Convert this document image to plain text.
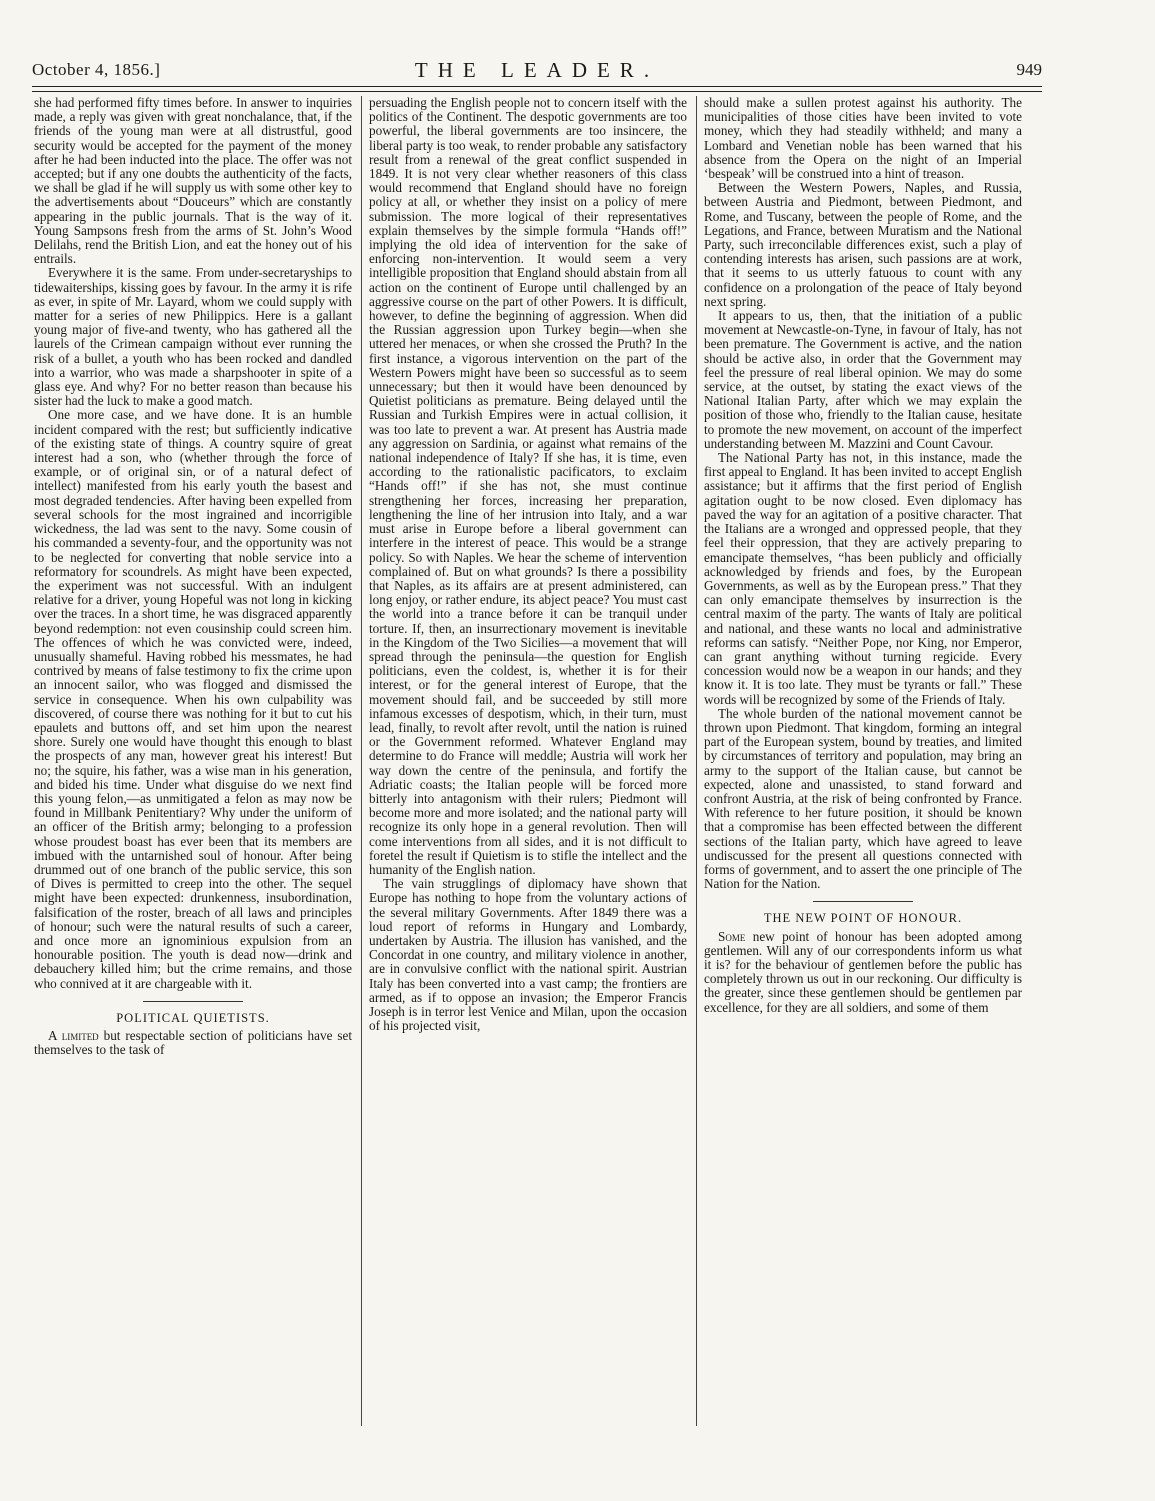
October 4, 1856.]	THE LEADER.	949

she had performed fifty times before. In answer to inquiries made, a reply was given with great nonchalance, that, if the friends of the young man were at all distrustful, good security would be accepted for the payment of the money after he had been inducted into the place. The offer was not accepted; but if any one doubts the authenticity of the facts, we shall be glad if he will supply us with some other key to the advertisements about “Douceurs” which are constantly appearing in the public journals. That is the way of it. Young Sampsons fresh from the arms of St. John’s Wood Delilahs, rend the British Lion, and eat the honey out of his entrails.

Everywhere it is the same. From under-secretaryships to tidewaiterships, kissing goes by favour. In the army it is rife as ever, in spite of Mr. Layard, whom we could supply with matter for a series of new Philippics. Here is a gallant young major of five-and twenty, who has gathered all the laurels of the Crimean campaign without ever running the risk of a bullet, a youth who has been rocked and dandled into a warrior, who was made a sharpshooter in spite of a glass eye. And why? For no better reason than because his sister had the luck to make a good match.

One more case, and we have done. It is an humble incident compared with the rest; but sufficiently indicative of the existing state of things. A country squire of great interest had a son, who (whether through the force of example, or of original sin, or of a natural defect of intellect) manifested from his early youth the basest and most degraded tendencies. After having been expelled from several schools for the most ingrained and incorrigible wickedness, the lad was sent to the navy. Some cousin of his commanded a seventy-four, and the opportunity was not to be neglected for converting that noble service into a reformatory for scoundrels. As might have been expected, the experiment was not successful. With an indulgent relative for a driver, young Hopeful was not long in kicking over the traces. In a short time, he was disgraced apparently beyond redemption: not even cousinship could screen him. The offences of which he was convicted were, indeed, unusually shameful. Having robbed his messmates, he had contrived by means of false testimony to fix the crime upon an innocent sailor, who was flogged and dismissed the service in consequence. When his own culpability was discovered, of course there was nothing for it but to cut his epaulets and buttons off, and set him upon the nearest shore. Surely one would have thought this enough to blast the prospects of any man, however great his interest! But no; the squire, his father, was a wise man in his generation, and bided his time. Under what disguise do we next find this young felon,—as unmitigated a felon as may now be found in Millbank Penitentiary? Why under the uniform of an officer of the British army; belonging to a profession whose proudest boast has ever been that its members are imbued with the untarnished soul of honour. After being drummed out of one branch of the public service, this son of Dives is permitted to creep into the other. The sequel might have been expected: drunkenness, insubordination, falsification of the roster, breach of all laws and principles of honour; such were the natural results of such a career, and once more an ignominious expulsion from an honourable position. The youth is dead now—drink and debauchery killed him; but the crime remains, and those who connived at it are chargeable with it.

POLITICAL QUIETISTS.

A limited but respectable section of politicians have set themselves to the task of

persuading the English people not to concern itself with the politics of the Continent. The despotic governments are too powerful, the liberal governments are too insincere, the liberal party is too weak, to render probable any satisfactory result from a renewal of the great conflict suspended in 1849. It is not very clear whether reasoners of this class would recommend that England should have no foreign policy at all, or whether they insist on a policy of mere submission. The more logical of their representatives explain themselves by the simple formula “Hands off!” implying the old idea of intervention for the sake of enforcing non-intervention. It would seem a very intelligible proposition that England should abstain from all action on the continent of Europe until challenged by an aggressive course on the part of other Powers. It is difficult, however, to define the beginning of aggression. When did the Russian aggression upon Turkey begin—when she uttered her menaces, or when she crossed the Pruth? In the first instance, a vigorous intervention on the part of the Western Powers might have been so successful as to seem unnecessary; but then it would have been denounced by Quietist politicians as premature. Being delayed until the Russian and Turkish Empires were in actual collision, it was too late to prevent a war. At present has Austria made any aggression on Sardinia, or against what remains of the national independence of Italy? If she has, it is time, even according to the rationalistic pacificators, to exclaim “Hands off!” if she has not, she must continue strengthening her forces, increasing her preparation, lengthening the line of her intrusion into Italy, and a war must arise in Europe before a liberal government can interfere in the interest of peace. This would be a strange policy. So with Naples. We hear the scheme of intervention complained of. But on what grounds? Is there a possibility that Naples, as its affairs are at present administered, can long enjoy, or rather endure, its abject peace? You must cast the world into a trance before it can be tranquil under torture. If, then, an insurrectionary movement is inevitable in the Kingdom of the Two Sicilies—a movement that will spread through the peninsula—the question for English politicians, even the coldest, is, whether it is for their interest, or for the general interest of Europe, that the movement should fail, and be succeeded by still more infamous excesses of despotism, which, in their turn, must lead, finally, to revolt after revolt, until the nation is ruined or the Government reformed. Whatever England may determine to do France will meddle; Austria will work her way down the centre of the peninsula, and fortify the Adriatic coasts; the Italian people will be forced more bitterly into antagonism with their rulers; Piedmont will become more and more isolated; and the national party will recognize its only hope in a general revolution. Then will come interventions from all sides, and it is not difficult to foretel the result if Quietism is to stifle the intellect and the humanity of the English nation.

The vain strugglings of diplomacy have shown that Europe has nothing to hope from the voluntary actions of the several military Governments. After 1849 there was a loud report of reforms in Hungary and Lombardy, undertaken by Austria. The illusion has vanished, and the Concordat in one country, and military violence in another, are in convulsive conflict with the national spirit. Austrian Italy has been converted into a vast camp; the frontiers are armed, as if to oppose an invasion; the Emperor Francis Joseph is in terror lest Venice and Milan, upon the occasion of his projected visit,

should make a sullen protest against his authority. The municipalities of those cities have been invited to vote money, which they had steadily withheld; and many a Lombard and Venetian noble has been warned that his absence from the Opera on the night of an Imperial ‘bespeak’ will be construed into a hint of treason.

Between the Western Powers, Naples, and Russia, between Austria and Piedmont, between Piedmont, and Rome, and Tuscany, between the people of Rome, and the Legations, and France, between Muratism and the National Party, such irreconcilable differences exist, such a play of contending interests has arisen, such passions are at work, that it seems to us utterly fatuous to count with any confidence on a prolongation of the peace of Italy beyond next spring.

It appears to us, then, that the initiation of a public movement at Newcastle-on-Tyne, in favour of Italy, has not been premature. The Government is active, and the nation should be active also, in order that the Government may feel the pressure of real liberal opinion. We may do some service, at the outset, by stating the exact views of the National Italian Party, after which we may explain the position of those who, friendly to the Italian cause, hesitate to promote the new movement, on account of the imperfect understanding between M. Mazzini and Count Cavour.

The National Party has not, in this instance, made the first appeal to England. It has been invited to accept English assistance; but it affirms that the first period of English agitation ought to be now closed. Even diplomacy has paved the way for an agitation of a positive character. That the Italians are a wronged and oppressed people, that they feel their oppression, that they are actively preparing to emancipate themselves, “has been publicly and officially acknowledged by friends and foes, by the European Governments, as well as by the European press.” That they can only emancipate themselves by insurrection is the central maxim of the party. The wants of Italy are political and national, and these wants no local and administrative reforms can satisfy. “Neither Pope, nor King, nor Emperor, can grant anything without turning regicide. Every concession would now be a weapon in our hands; and they know it. It is too late. They must be tyrants or fall.” These words will be recognized by some of the Friends of Italy.

The whole burden of the national movement cannot be thrown upon Piedmont. That kingdom, forming an integral part of the European system, bound by treaties, and limited by circumstances of territory and population, may bring an army to the support of the Italian cause, but cannot be expected, alone and unassisted, to stand forward and confront Austria, at the risk of being confronted by France. With reference to her future position, it should be known that a compromise has been effected between the different sections of the Italian party, which have agreed to leave undiscussed for the present all questions connected with forms of government, and to assert the one principle of The Nation for the Nation.

THE NEW POINT OF HONOUR.

Some new point of honour has been adopted among gentlemen. Will any of our correspondents inform us what it is? for the behaviour of gentlemen before the public has completely thrown us out in our reckoning. Our difficulty is the greater, since these gentlemen should be gentlemen par excellence, for they are all soldiers, and some of them
